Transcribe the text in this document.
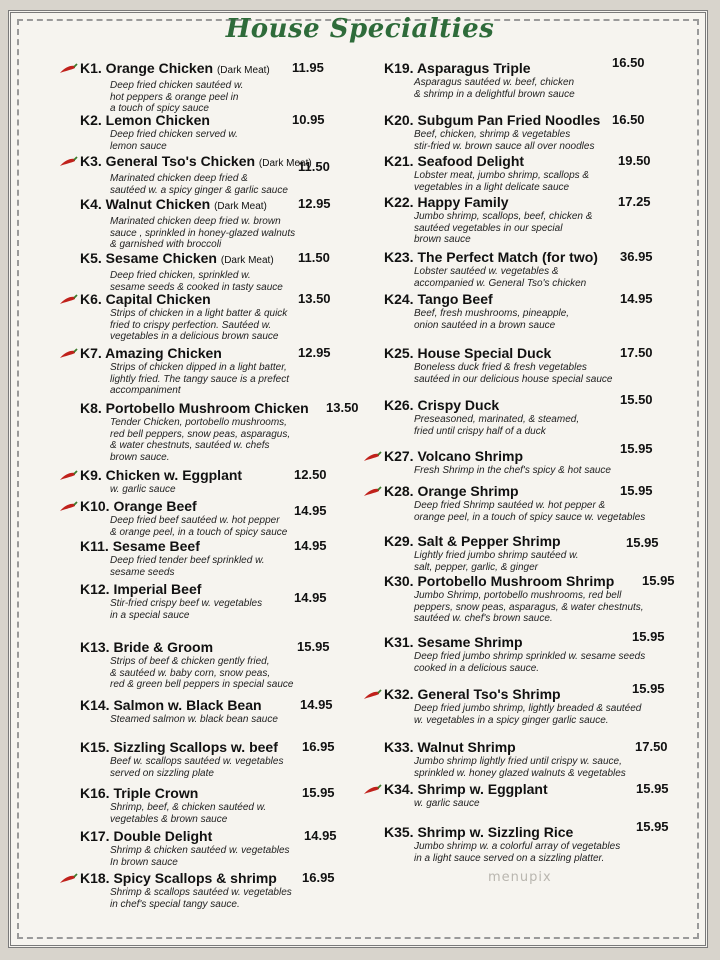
House Specialties
K1. Orange Chicken (Dark Meat)
Deep fried chicken sautéed w.
hot peppers & orange peel in
a touch of spicy sauce
11.95
K2. Lemon Chicken
Deep fried chicken served w.
lemon sauce
10.95
K3. General Tso's Chicken (Dark Meat)
Marinated chicken deep fried &
sautéed w. a spicy ginger & garlic sauce
11.50
K4. Walnut Chicken (Dark Meat)
Marinated chicken deep fried w. brown
sauce , sprinkled in honey-glazed walnuts
& garnished with broccoli
12.95
K5. Sesame Chicken (Dark Meat)
Deep fried chicken, sprinkled w.
sesame seeds & cooked in tasty sauce
11.50
K6. Capital Chicken
Strips of chicken in a light batter & quick
fried to crispy perfection. Sautéed w.
vegetables in a delicious brown sauce
13.50
K7. Amazing Chicken
Strips of chicken dipped in a light batter,
lightly fried. The tangy sauce is a prefect
accompaniment
12.95
K8. Portobello Mushroom Chicken
Tender Chicken, portobello mushrooms,
red bell peppers, snow peas, asparagus,
& water chestnuts, sautéed w. chefs
brown sauce.
13.50
K9. Chicken w. Eggplant
w. garlic sauce
12.50
K10. Orange Beef
Deep fried beef sautéed w. hot pepper
& orange peel, in a touch of spicy sauce
14.95
K11. Sesame Beef
Deep fried tender beef sprinkled w.
sesame seeds
14.95
K12. Imperial Beef
Stir-fried crispy beef w. vegetables
in a special sauce
14.95
K13. Bride & Groom
Strips of beef & chicken gently fried,
& sautéed w. baby corn, snow peas,
red & green bell peppers in special sauce
15.95
K14. Salmon w. Black Bean
Steamed salmon w. black bean sauce
14.95
K15. Sizzling Scallops w. beef
Beef w. scallops sautéed w. vegetables
served on sizzling plate
16.95
K16. Triple Crown
Shrimp, beef, & chicken sautéed w.
vegetables & brown sauce
15.95
K17. Double Delight
Shrimp & chicken sautéed w. vegetables
In brown sauce
14.95
K18. Spicy Scallops & shrimp
Shrimp & scallops sautéed w. vegetables
in chef's special tangy sauce.
16.95
K19. Asparagus Triple
Asparagus sautéed w. beef, chicken
& shrimp in a delightful brown sauce
16.50
K20. Subgum Pan Fried Noodles
Beef, chicken, shrimp & vegetables
stir-fried w. brown sauce all over noodles
16.50
K21. Seafood Delight
Lobster meat, jumbo shrimp, scallops &
vegetables in a light delicate sauce
19.50
K22. Happy Family
Jumbo shrimp, scallops, beef, chicken &
sautéed vegetables in our special
brown sauce
17.25
K23. The Perfect Match (for two)
Lobster sautéed w. vegetables &
accompanied w. General Tso's chicken
36.95
K24. Tango Beef
Beef, fresh mushrooms, pineapple,
onion sautéed in a brown sauce
14.95
K25. House Special Duck
Boneless duck fried & fresh vegetables
sautéed in our delicious house special sauce
17.50
K26. Crispy Duck
Preseasoned, marinated, & steamed,
fried until crispy half of a duck
15.50
K27. Volcano Shrimp
Fresh Shrimp in the chef's spicy & hot sauce
15.95
K28. Orange Shrimp
Deep fried Shrimp sautéed w. hot pepper &
orange peel, in a touch of spicy sauce w. vegetables
15.95
K29. Salt & Pepper Shrimp
Lightly fried jumbo shrimp sautéed w.
salt, pepper, garlic, & ginger
15.95
K30. Portobello Mushroom Shrimp
Jumbo Shrimp, portobello mushrooms, red bell
peppers, snow peas, asparagus, & water chestnuts,
sautéed w. chef's brown sauce.
15.95
K31. Sesame Shrimp
Deep fried jumbo shrimp sprinkled w. sesame seeds
cooked in a delicious sauce.
15.95
K32. General Tso's Shrimp
Deep fried jumbo shrimp, lightly breaded & sautéed
w. vegetables in a spicy ginger garlic sauce.
15.95
K33. Walnut Shrimp
Jumbo shrimp lightly fried until crispy w. sauce,
sprinkled w. honey glazed walnuts & vegetables
17.50
K34. Shrimp w. Eggplant
w. garlic sauce
15.95
K35. Shrimp w. Sizzling Rice
Jumbo shrimp w. a colorful array of vegetables
in a light sauce served on a sizzling platter.
15.95
menupix
